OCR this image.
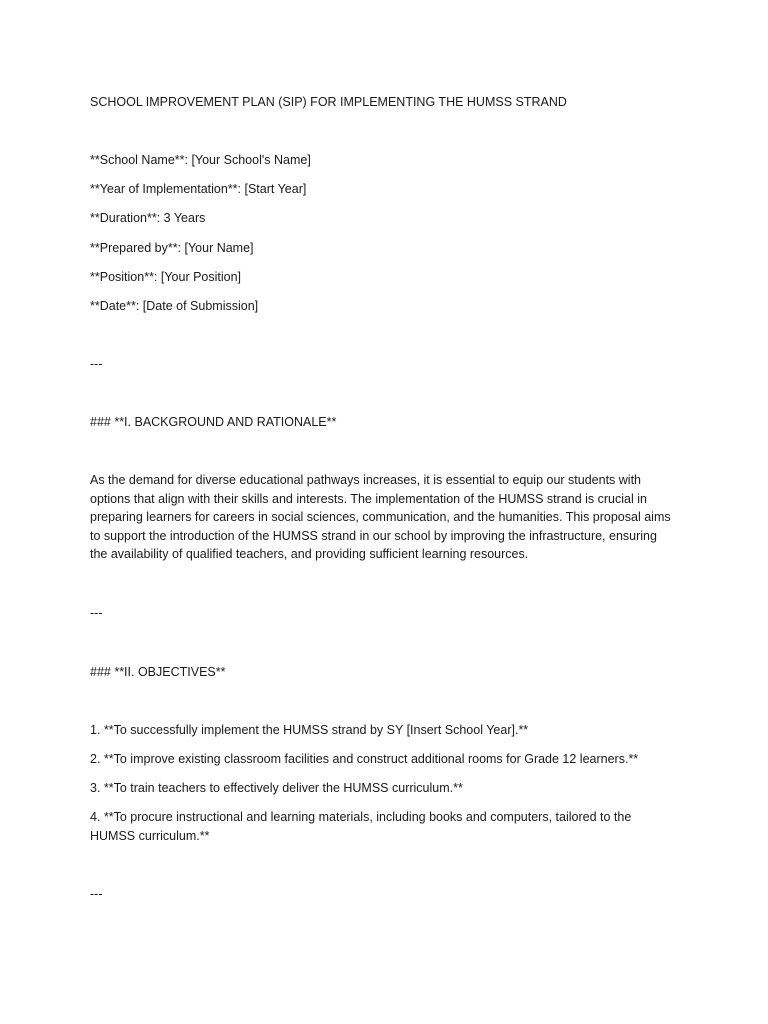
SCHOOL IMPROVEMENT PLAN (SIP) FOR IMPLEMENTING THE HUMSS STRAND
**School Name**: [Your School's Name]
**Year of Implementation**: [Start Year]
**Duration**: 3 Years
**Prepared by**: [Your Name]
**Position**: [Your Position]
**Date**: [Date of Submission]
---
### **I. BACKGROUND AND RATIONALE**
As the demand for diverse educational pathways increases, it is essential to equip our students with
options that align with their skills and interests. The implementation of the HUMSS strand is crucial in
preparing learners for careers in social sciences, communication, and the humanities. This proposal aims
to support the introduction of the HUMSS strand in our school by improving the infrastructure, ensuring
the availability of qualified teachers, and providing sufficient learning resources.
---
### **II. OBJECTIVES**
1. **To successfully implement the HUMSS strand by SY [Insert School Year].**
2. **To improve existing classroom facilities and construct additional rooms for Grade 12 learners.**
3. **To train teachers to effectively deliver the HUMSS curriculum.**
4. **To procure instructional and learning materials, including books and computers, tailored to the
HUMSS curriculum.**
---
